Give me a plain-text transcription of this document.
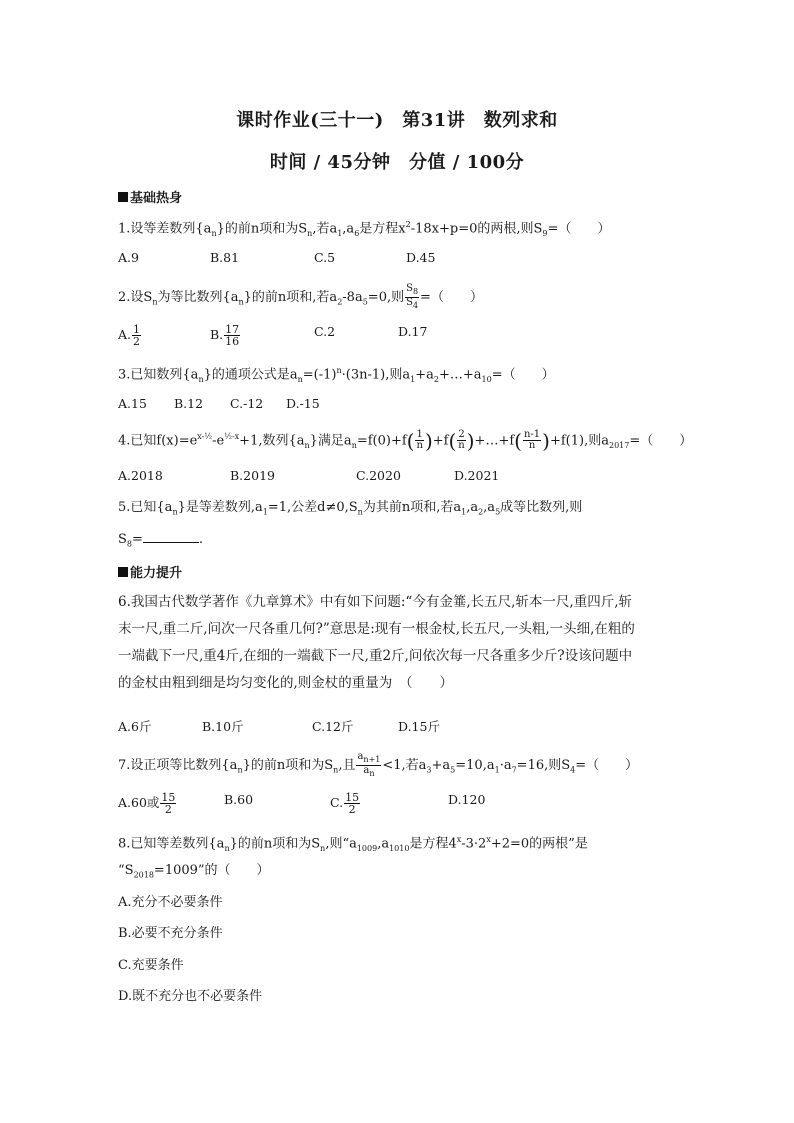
课时作业(三十一)　第31讲　数列求和
时间 / 45分钟　分值 / 100分
基础热身
1.设等差数列$\{a_n\}$的前n项和为$S_n$,若$a_1,a_6$是方程$x^2-18x+p=0$的两根,则$S_9=$（　　）
A.9	B.81	C.5	D.45
2.设$S_n$为等比数列$\{a_n\}$的前n项和,若$a_2-8a_5=0$,则 $\frac{S_8}{S_4}$ =（　　）
A. $\frac{1}{2}$	B. $\frac{17}{16}$	C.2	D.17
3.已知数列$\{a_n\}$的通项公式是$a_n=(-1)^n\cdot(3n-1)$,则$a_1+a_2+\dots+a_{10}=$（　　）
A.15 B.12 C.-12 D.-15
4.已知$f(x)=e^{x-\frac{1}{2}}-e^{\frac{1}{2}-x}+1$,数列$\{a_n\}$满足$a_n=f(0)+f( \frac{1}{n} )+f( \frac{2}{n}$ )+…+f( $\frac{n-1}{n} )+f(1)$,则$a_{2017}=$（　　）
A.2018	B.2019	C.2020	D.2021
5.已知$\{a_n\}$是等差数列$,a_1=1$,公差$d\ne 0,S_n$为其前n项和,若$a_1,a_2,a_5$成等比数列,则
$S_8=$	.
能力提升
6.我国古代数学著作《九章算术》中有如下问题:“今有金箠,长五尺,斩本一尺,重四斤,斩
末一尺,重二斤,问次一尺各重几何?”意思是:现有一根金杖,长五尺,一头粗,一头细,在粗的
一端截下一尺,重4斤,在细的一端截下一尺,重2斤,问依次每一尺各重多少斤?设该问题中
的金杖由粗到细是均匀变化的,则金杖的重量为　（　　）
A.6斤	B.10斤	C.12斤	D.15斤
7.设正项等比数列$\{a_n\}$的前n项和为$S_n$,且 $\frac{a_{n+1}}{a_n} <1$,若$a_3+a_5=10,a_1\cdot a_7=16$,则$S_4=$（　　）
A.60或 $\frac{15}{2}$	B.60	C. $\frac{15}{2}$	D.120
8.已知等差数列$\{a_n\}$的前n项和为$S_n$,则“$a_{1009},a_{1010}$是方程$4^x-3\cdot 2^x+2=0$的两根”是
“$S_{2018}=1009$”的（　　）
A.充分不必要条件
B.必要不充分条件
C.充要条件
D.既不充分也不必要条件
